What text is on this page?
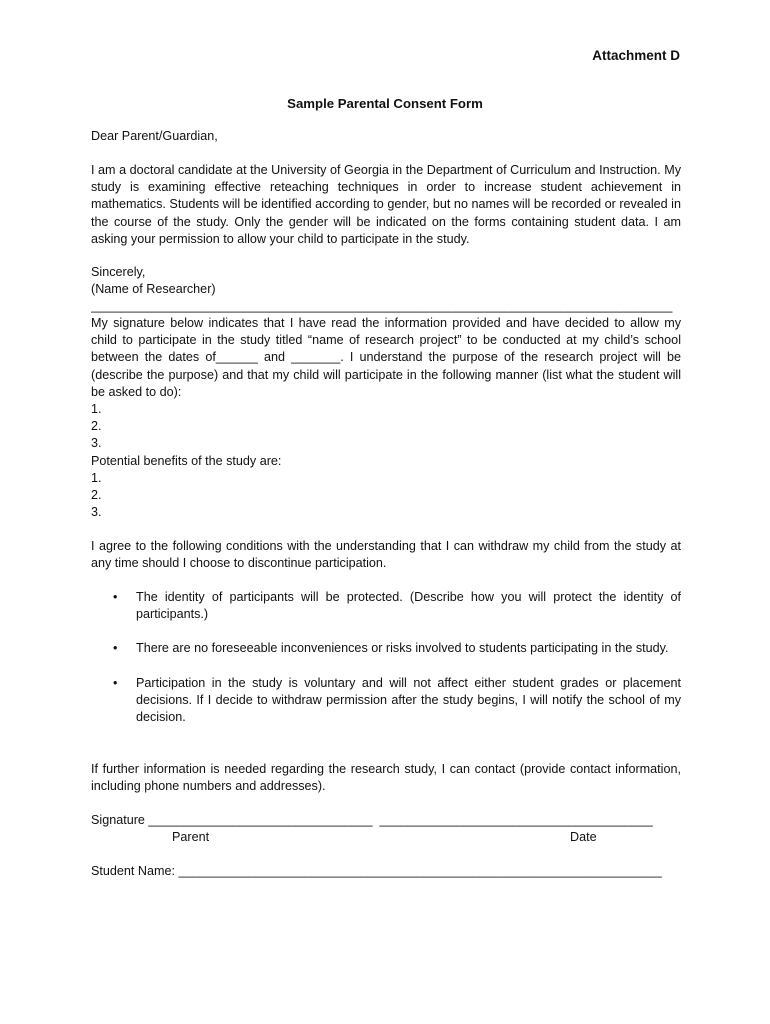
Attachment D
Sample Parental Consent Form

Dear Parent/Guardian,

I am a doctoral candidate at the University of Georgia in the Department of Curriculum and Instruction. My study is examining effective reteaching techniques in order to increase student achievement in mathematics. Students will be identified according to gender, but no names will be recorded or revealed in the course of the study. Only the gender will be indicated on the forms containing student data. I am asking your permission to allow your child to participate in the study.

Sincerely,

(Name of Researcher)

___________________________________________________________________________________

My signature below indicates that I have read the information provided and have decided to allow my child to participate in the study titled “name of research project” to be conducted at my child’s school between the dates of______ and _______. I understand the purpose of the research project will be (describe the purpose) and that my child will participate in the following manner (list what the student will be asked to do):

1.

2.

3.

Potential benefits of the study are:

1.

2.

3.

I agree to the following conditions with the understanding that I can withdraw my child from the study at any time should I choose to discontinue participation.

• The identity of participants will be protected. (Describe how you will protect the identity of participants.)
• There are no foreseeable inconveniences or risks involved to students participating in the study.
• Participation in the study is voluntary and will not affect either student grades or placement decisions. If I decide to withdraw permission after the study begins, I will notify the school of my decision.

If further information is needed regarding the research study, I can contact (provide contact information, including phone numbers and addresses).

Signature ________________________________  _______________________________________

Parent	Date

Student Name: _____________________________________________________________________
